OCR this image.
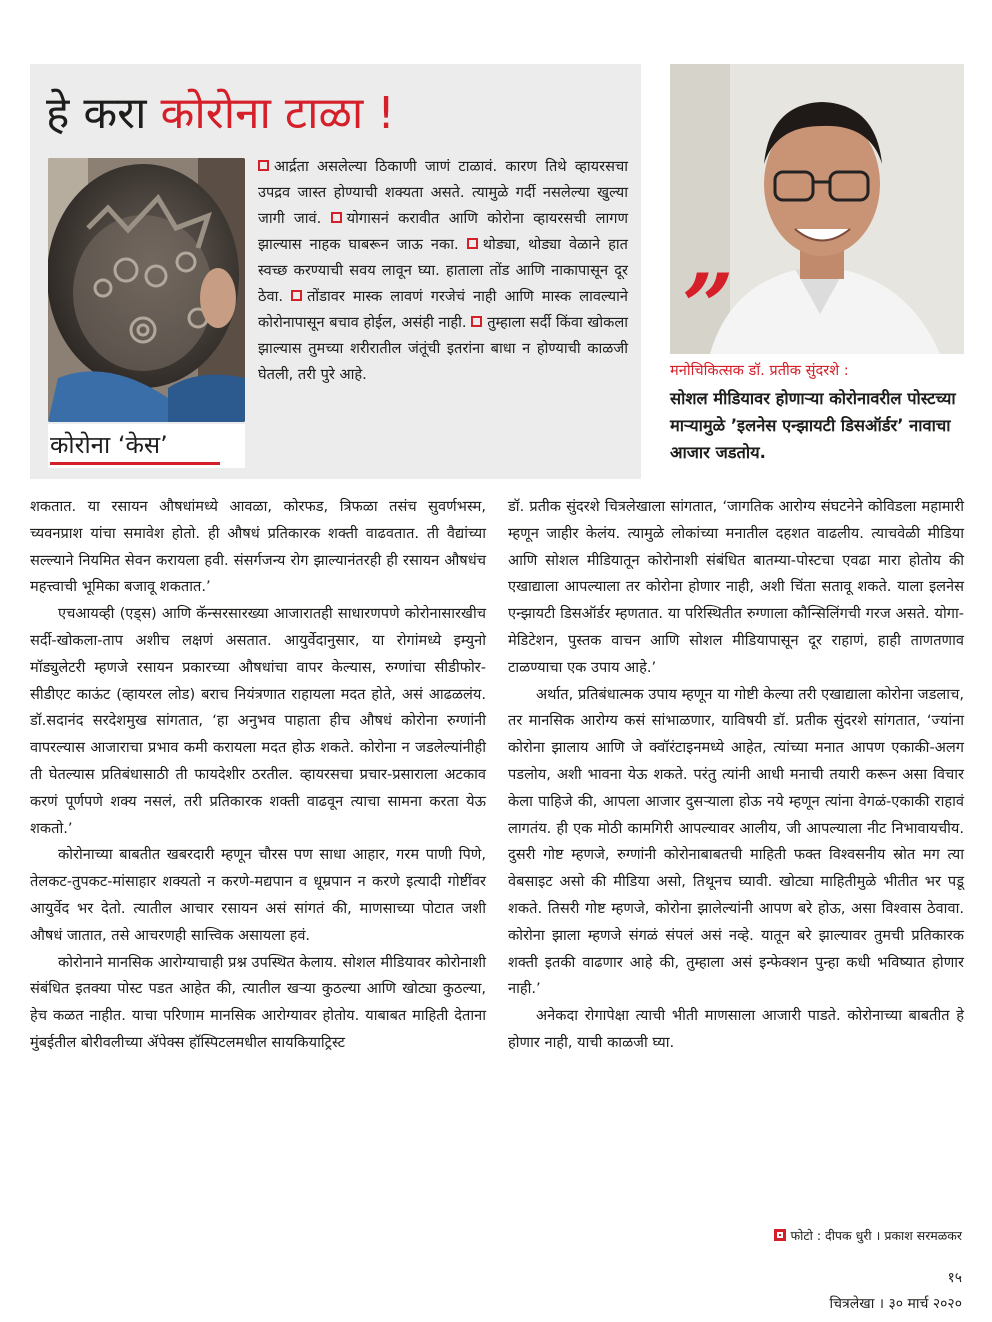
हे करा कोरोना टाळा !
कोरोना ‘केस’
आर्द्रता असलेल्या ठिकाणी जाणं टाळावं. कारण तिथे व्हायरसचा उपद्रव जास्त होण्याची शक्यता असते. त्यामुळे गर्दी नसलेल्या खुल्या जागी जावं. योगासनं करावीत आणि कोरोना व्हायरसची लागण झाल्यास नाहक घाबरून जाऊ नका. थोड्या, थोड्या वेळाने हात स्वच्छ करण्याची सवय लावून घ्या. हाताला तोंड आणि नाकापासून दूर ठेवा. तोंडावर मास्क लावणं गरजेचं नाही आणि मास्क लावल्याने कोरोनापासून बचाव होईल, असंही नाही. तुम्हाला सर्दी किंवा खोकला झाल्यास तुमच्या शरीरातील जंतूंची इतरांना बाधा न होण्याची काळजी घेतली, तरी पुरे आहे.
”
मनोचिकित्सक डॉ. प्रतीक सुंदरशे :
सोशल मीडियावर होणाऱ्या कोरोनावरील पोस्टच्या माऱ्यामुळे ’इलनेस एन्झायटी डिसऑर्डर’ नावाचा आजार जडतोय.

शकतात. या रसायन औषधांमध्ये आवळा, कोरफड, त्रिफळा तसंच सुवर्णभस्म, च्यवनप्राश यांचा समावेश होतो. ही औषधं प्रतिकारक शक्ती वाढवतात. ती वैद्यांच्या सल्ल्याने नियमित सेवन करायला हवी. संसर्गजन्य रोग झाल्यानंतरही ही रसायन औषधंच महत्त्वाची भूमिका बजावू शकतात.’

एचआयव्ही (एड्स) आणि कॅन्सरसारख्या आजारातही साधारणपणे कोरोनासारखीच सर्दी-खोकला-ताप अशीच लक्षणं असतात. आयुर्वेदानुसार, या रोगांमध्ये इम्युनो मॉड्युलेटरी म्हणजे रसायन प्रकारच्या औषधांचा वापर केल्यास, रुग्णांचा सीडीफोर-सीडीएट काऊंट (व्हायरल लोड) बराच नियंत्रणात राहायला मदत होते, असं आढळलंय. डॉ.सदानंद सरदेशमुख सांगतात, ‘हा अनुभव पाहाता हीच औषधं कोरोना रुग्णांनी वापरल्यास आजाराचा प्रभाव कमी करायला मदत होऊ शकते. कोरोना न जडलेल्यांनीही ती घेतल्यास प्रतिबंधासाठी ती फायदेशीर ठरतील. व्हायरसचा प्रचार-प्रसाराला अटकाव करणं पूर्णपणे शक्य नसलं, तरी प्रतिकारक शक्ती वाढवून त्याचा सामना करता येऊ शकतो.’

कोरोनाच्या बाबतीत खबरदारी म्हणून चौरस पण साधा आहार, गरम पाणी पिणे, तेलकट-तुपकट-मांसाहार शक्यतो न करणे-मद्यपान व धूम्रपान न करणे इत्यादी गोष्टींवर आयुर्वेद भर देतो. त्यातील आचार रसायन असं सांगतं की, माणसाच्या पोटात जशी औषधं जातात, तसे आचरणही सात्त्विक असायला हवं.

कोरोनाने मानसिक आरोग्याचाही प्रश्न उपस्थित केलाय. सोशल मीडियावर कोरोनाशी संबंधित इतक्या पोस्ट पडत आहेत की, त्यातील खऱ्या कुठल्या आणि खोट्या कुठल्या, हेच कळत नाहीत. याचा परिणाम मानसिक आरोग्यावर होतोय. याबाबत माहिती देताना मुंबईतील बोरीवलीच्या ॲपेक्स हॉस्पिटलमधील सायकियाट्रिस्ट

डॉ. प्रतीक सुंदरशे चित्रलेखाला सांगतात, ‘जागतिक आरोग्य संघटनेने कोविडला महामारी म्हणून जाहीर केलंय. त्यामुळे लोकांच्या मनातील दहशत वाढलीय. त्याचवेळी मीडिया आणि सोशल मीडियातून कोरोनाशी संबंधित बातम्या-पोस्टचा एवढा मारा होतोय की एखाद्याला आपल्याला तर कोरोना होणार नाही, अशी चिंता सतावू शकते. याला इलनेस एन्झायटी डिसऑर्डर म्हणतात. या परिस्थितीत रुग्णाला कौन्सिलिंगची गरज असते. योगा-मेडिटेशन, पुस्तक वाचन आणि सोशल मीडियापासून दूर राहाणं, हाही ताणतणाव टाळण्याचा एक उपाय आहे.’

अर्थात, प्रतिबंधात्मक उपाय म्हणून या गोष्टी केल्या तरी एखाद्याला कोरोना जडलाच, तर मानसिक आरोग्य कसं सांभाळणार, याविषयी डॉ. प्रतीक सुंदरशे सांगतात, ‘ज्यांना कोरोना झालाय आणि जे क्वॉरंटाइनमध्ये आहेत, त्यांच्या मनात आपण एकाकी-अलग पडलोय, अशी भावना येऊ शकते. परंतु त्यांनी आधी मनाची तयारी करून असा विचार केला पाहिजे की, आपला आजार दुसऱ्याला होऊ नये म्हणून त्यांना वेगळं-एकाकी राहावं लागतंय. ही एक मोठी कामगिरी आपल्यावर आलीय, जी आपल्याला नीट निभावायचीय. दुसरी गोष्ट म्हणजे, रुग्णांनी कोरोनाबाबतची माहिती फक्त विश्वसनीय स्रोत मग त्या वेबसाइट असो की मीडिया असो, तिथूनच घ्यावी. खोट्या माहितीमुळे भीतीत भर पडू शकते. तिसरी गोष्ट म्हणजे, कोरोना झालेल्यांनी आपण बरे होऊ, असा विश्वास ठेवावा. कोरोना झाला म्हणजे संगळं संपलं असं नव्हे. यातून बरे झाल्यावर तुमची प्रतिकारक शक्ती इतकी वाढणार आहे की, तुम्हाला असं इन्फेक्शन पुन्हा कधी भविष्यात होणार नाही.’

अनेकदा रोगापेक्षा त्याची भीती माणसाला आजारी पाडते. कोरोनाच्या बाबतीत हे होणार नाही, याची काळजी घ्या.

फोटो : दीपक धुरी । प्रकाश सरमळकर
१५
चित्रलेखा । ३० मार्च २०२०
